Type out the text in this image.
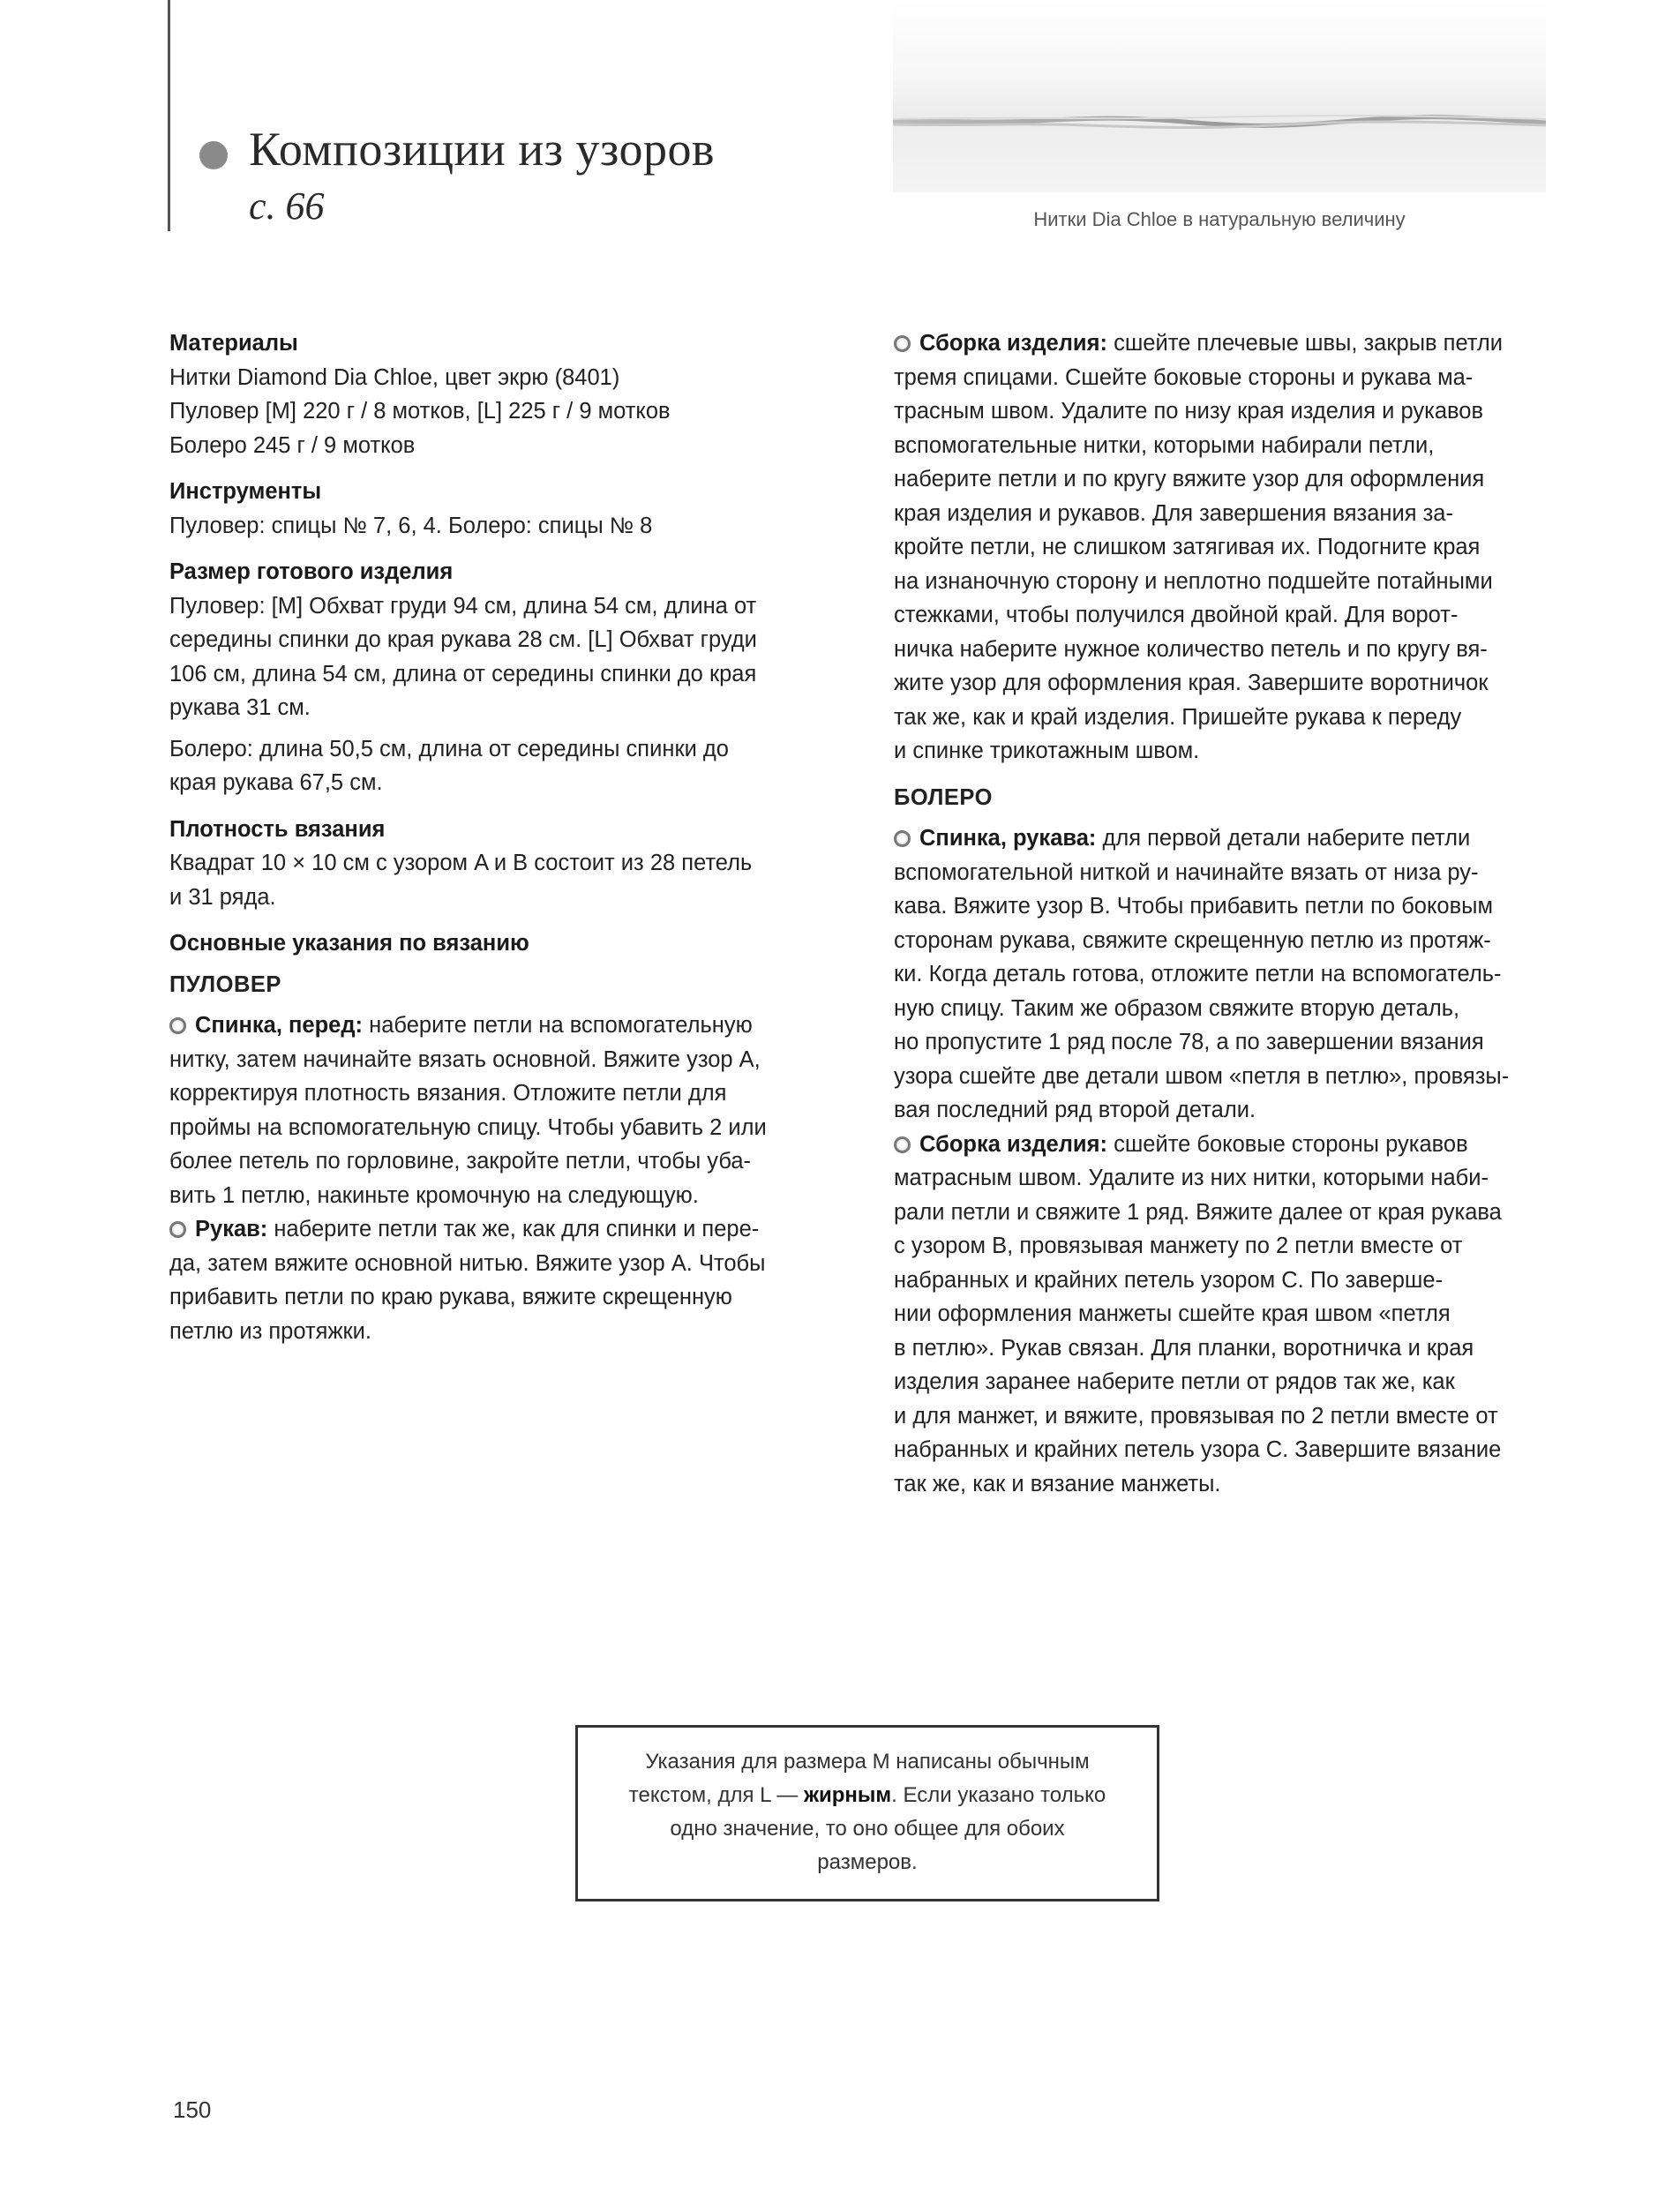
Композиции из узоров
с. 66	Нитки Dia Chloe в натуральную величину

Материалы

Нитки Diamond Dia Chloe, цвет экрю (8401)

Пуловер [M] 220 г / 8 мотков, [L] 225 г / 9 мотков

Болеро 245 г / 9 мотков

Инструменты

Пуловер: спицы № 7, 6, 4. Болеро: спицы № 8

Размер готового изделия

Пуловер: [M] Обхват груди 94 см, длина 54 см, длина от

середины спинки до края рукава 28 см. [L] Обхват груди

106 см, длина 54 см, длина от середины спинки до края

рукава 31 см.

Болеро: длина 50,5 см, длина от середины спинки до

края рукава 67,5 см.

Плотность вязания

Квадрат 10 × 10 см с узором A и B состоит из 28 петель

и 31 ряда.

Основные указания по вязанию

ПУЛОВЕР

Спинка, перед: наберите петли на вспомогательную

нитку, затем начинайте вязать основной. Вяжите узор A,

корректируя плотность вязания. Отложите петли для

проймы на вспомогательную спицу. Чтобы убавить 2 или

более петель по горловине, закройте петли, чтобы уба-

вить 1 петлю, накиньте кромочную на следующую.

Рукав: наберите петли так же, как для спинки и пере-

да, затем вяжите основной нитью. Вяжите узор A. Чтобы

прибавить петли по краю рукава, вяжите скрещенную

петлю из протяжки.

Сборка изделия: сшейте плечевые швы, закрыв петли

тремя спицами. Сшейте боковые стороны и рукава ма-

трасным швом. Удалите по низу края изделия и рукавов

вспомогательные нитки, которыми набирали петли,

наберите петли и по кругу вяжите узор для оформления

края изделия и рукавов. Для завершения вязания за-

кройте петли, не слишком затягивая их. Подогните края

на изнаночную сторону и неплотно подшейте потайными

стежками, чтобы получился двойной край. Для ворот-

ничка наберите нужное количество петель и по кругу вя-

жите узор для оформления края. Завершите воротничок

так же, как и край изделия. Пришейте рукава к переду

и спинке трикотажным швом.

БОЛЕРО

Спинка, рукава: для первой детали наберите петли

вспомогательной ниткой и начинайте вязать от низа ру-

кава. Вяжите узор B. Чтобы прибавить петли по боковым

сторонам рукава, свяжите скрещенную петлю из протяж-

ки. Когда деталь готова, отложите петли на вспомогатель-

ную спицу. Таким же образом свяжите вторую деталь,

но пропустите 1 ряд после 78, а по завершении вязания

узора сшейте две детали швом «петля в петлю», провязы-

вая последний ряд второй детали.

Сборка изделия: сшейте боковые стороны рукавов

матрасным швом. Удалите из них нитки, которыми наби-

рали петли и свяжите 1 ряд. Вяжите далее от края рукава

с узором B, провязывая манжету по 2 петли вместе от

набранных и крайних петель узором C. По заверше-

нии оформления манжеты сшейте края швом «петля

в петлю». Рукав связан. Для планки, воротничка и края

изделия заранее наберите петли от рядов так же, как

и для манжет, и вяжите, провязывая по 2 петли вместе от

набранных и крайних петель узора C. Завершите вязание

так же, как и вязание манжеты.

Указания для размера М написаны обычным
текстом, для L — жирным. Если указано только
одно значение, то оно общее для обоих
размеров.
150
